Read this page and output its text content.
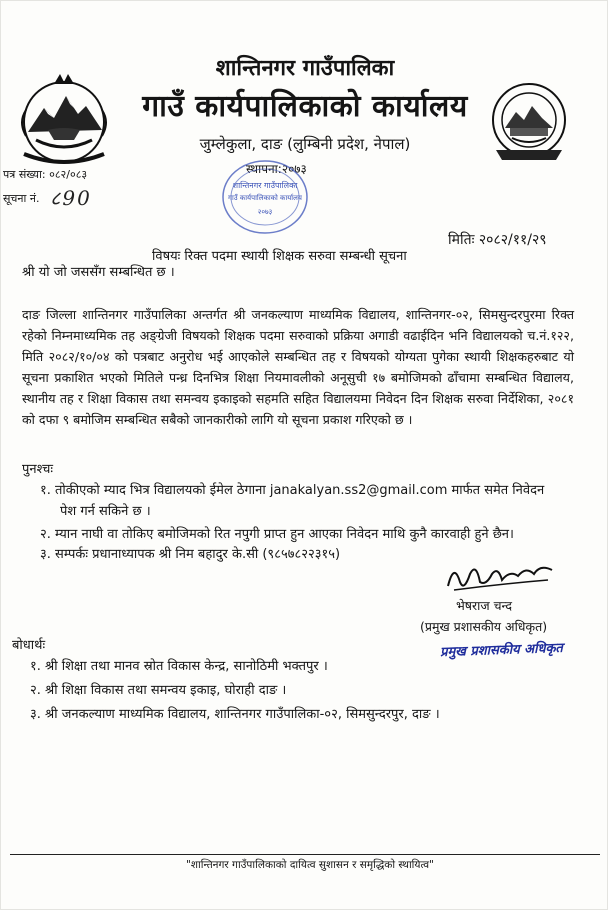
शान्तिनगर गाउँपालिका
गाउँ कार्यपालिकाको कार्यालय
जुम्लेकुला, दाङ (लुम्बिनी प्रदेश, नेपाल)
स्थापना:२०७३
पत्र संख्या: ०८२/०८३
सूचना नं. ८90
शान्तिनगर गाउँपालिका
गाउँ कार्यपालिकाको कार्यालय
२०७३
मितिः २०८२/११/२९
विषयः रिक्त पदमा स्थायी शिक्षक सरुवा सम्बन्धी सूचना
श्री यो जो जससँग सम्बन्धित छ ।
दाङ जिल्ला शान्तिनगर गाउँपालिका अन्तर्गत श्री जनकल्याण माध्यमिक विद्यालय, शान्तिनगर-०२, सिमसुन्दरपुरमा रिक्त रहेको निम्नमाध्यमिक तह अङ्ग्रेजी विषयको शिक्षक पदमा सरुवाको प्रक्रिया अगाडी वढाईदिन भनि विद्यालयको च.नं.१२२, मिति २०८२/१०/०४ को पत्रबाट अनुरोध भई आएकोले सम्बन्धित तह र विषयको योग्यता पुगेका स्थायी शिक्षकहरुबाट यो सूचना प्रकाशित भएको मितिले पन्ध्र दिनभित्र शिक्षा नियमावलीको अनूसुची १७ बमोजिमको ढाँचामा सम्बन्धित विद्यालय, स्थानीय तह र शिक्षा विकास तथा समन्वय इकाइको सहमति सहित विद्यालयमा निवेदन दिन शिक्षक सरुवा निर्देशिका, २०८१ को दफा ९ बमोजिम सम्बन्धित सबैको जानकारीको लागि यो सूचना प्रकाश गरिएको छ ।
पुनश्चः
१. तोकीएको म्याद भित्र विद्यालयको ईमेल ठेगाना janakalyan.ss2@gmail.com मार्फत समेत निवेदन
पेश गर्न सकिने छ ।
२. म्यान नाघी वा तोकिए बमोजिमको रित नपुगी प्राप्त हुन आएका निवेदन माथि कुनै कारवाही हुने छैन।
३. सम्पर्कः प्रधानाध्यापक श्री निम बहादुर के.सी (९८५७८२२३१५)
भेषराज चन्द
(प्रमुख प्रशासकीय अधिकृत)
प्रमुख प्रशासकीय अधिकृत
बोधार्थः
१. श्री शिक्षा तथा मानव स्रोत विकास केन्द्र, सानोठिमी भक्तपुर ।
२. श्री शिक्षा विकास तथा समन्वय इकाइ, घोराही दाङ ।
३. श्री जनकल्याण माध्यमिक विद्यालय, शान्तिनगर गाउँपालिका-०२, सिमसुन्दरपुर, दाङ ।
"शान्तिनगर गाउँपालिकाको दायित्व सुशासन र समृद्धिको स्थायित्व"
